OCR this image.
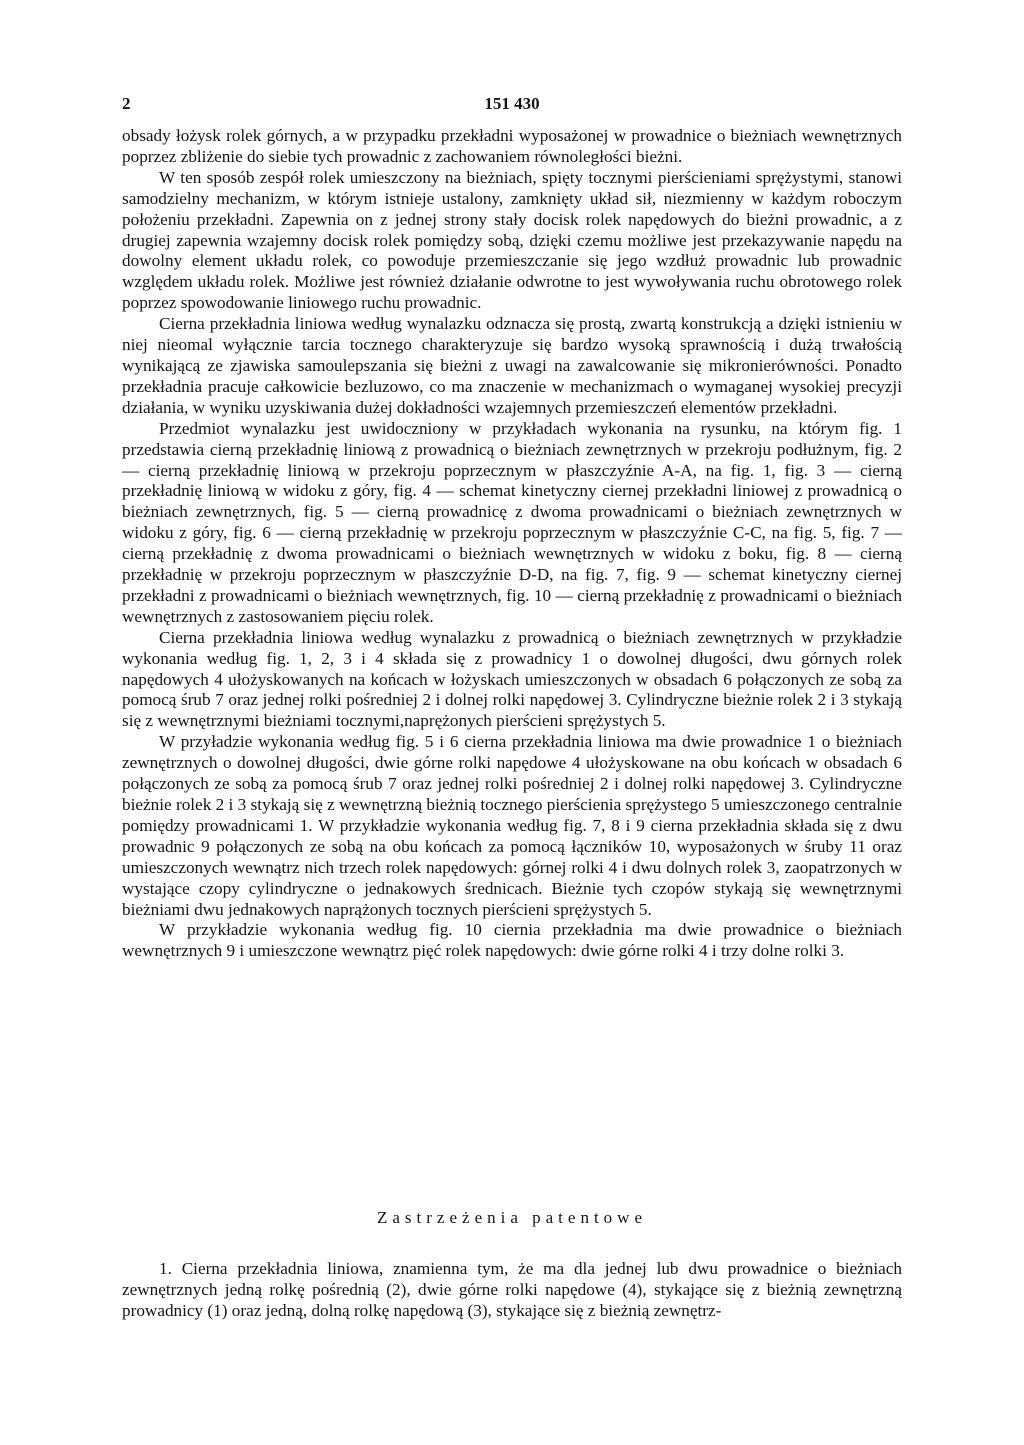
2	151 430

obsady łożysk rolek górnych, a w przypadku przekładni wyposażonej w prowadnice o bieżniach wewnętrznych poprzez zbliżenie do siebie tych prowadnic z zachowaniem równoległości bieżni.

W ten sposób zespół rolek umieszczony na bieżniach, spięty tocznymi pierścieniami sprężystymi, stanowi samodzielny mechanizm, w którym istnieje ustalony, zamknięty układ sił, niezmienny w każdym roboczym położeniu przekładni. Zapewnia on z jednej strony stały docisk rolek napędowych do bieżni prowadnic, a z drugiej zapewnia wzajemny docisk rolek pomiędzy sobą, dzięki czemu możliwe jest przekazywanie napędu na dowolny element układu rolek, co powoduje przemieszczanie się jego wzdłuż prowadnic lub prowadnic względem układu rolek. Możliwe jest również działanie odwrotne to jest wywoływania ruchu obrotowego rolek poprzez spowodowanie liniowego ruchu prowadnic.

Cierna przekładnia liniowa według wynalazku odznacza się prostą, zwartą konstrukcją a dzięki istnieniu w niej nieomal wyłącznie tarcia tocznego charakteryzuje się bardzo wysoką sprawnością i dużą trwałością wynikającą ze zjawiska samoulepszania się bieżni z uwagi na zawalcowanie się mikronierówności. Ponadto przekładnia pracuje całkowicie bezluzowo, co ma znaczenie w mechanizmach o wymaganej wysokiej precyzji działania, w wyniku uzyskiwania dużej dokładności wzajemnych przemieszczeń elementów przekładni.

Przedmiot wynalazku jest uwidoczniony w przykładach wykonania na rysunku, na którym fig. 1 przedstawia cierną przekładnię liniową z prowadnicą o bieżniach zewnętrznych w przekroju podłużnym, fig. 2 — cierną przekładnię liniową w przekroju poprzecznym w płaszczyźnie A-A, na fig. 1, fig. 3 — cierną przekładnię liniową w widoku z góry, fig. 4 — schemat kinetyczny ciernej przekładni liniowej z prowadnicą o bieżniach zewnętrznych, fig. 5 — cierną prowadnicę z dwoma prowadnicami o bieżniach zewnętrznych w widoku z góry, fig. 6 — cierną przekładnię w przekroju poprzecznym w płaszczyźnie C-C, na fig. 5, fig. 7 — cierną przekładnię z dwoma prowadnicami o bieżniach wewnętrznych w widoku z boku, fig. 8 — cierną przekładnię w przekroju poprzecznym w płaszczyźnie D-D, na fig. 7, fig. 9 — schemat kinetyczny ciernej przekładni z prowadnicami o bieżniach wewnętrznych, fig. 10 — cierną przekładnię z prowadnicami o bieżniach wewnętrznych z zastosowaniem pięciu rolek.

Cierna przekładnia liniowa według wynalazku z prowadnicą o bieżniach zewnętrznych w przykładzie wykonania według fig. 1, 2, 3 i 4 składa się z prowadnicy 1 o dowolnej długości, dwu górnych rolek napędowych 4 ułożyskowanych na końcach w łożyskach umieszczonych w obsadach 6 połączonych ze sobą za pomocą śrub 7 oraz jednej rolki pośredniej 2 i dolnej rolki napędowej 3. Cylindryczne bieżnie rolek 2 i 3 stykają się z wewnętrznymi bieżniami tocznymi,naprężonych pierścieni sprężystych 5.

W przyładzie wykonania według fig. 5 i 6 cierna przekładnia liniowa ma dwie prowadnice 1 o bieżniach zewnętrznych o dowolnej długości, dwie górne rolki napędowe 4 ułożyskowane na obu końcach w obsadach 6 połączonych ze sobą za pomocą śrub 7 oraz jednej rolki pośredniej 2 i dolnej rolki napędowej 3. Cylindryczne bieżnie rolek 2 i 3 stykają się z wewnętrzną bieżnią tocznego pierścienia sprężystego 5 umieszczonego centralnie pomiędzy prowadnicami 1. W przykładzie wykonania według fig. 7, 8 i 9 cierna przekładnia składa się z dwu prowadnic 9 połączonych ze sobą na obu końcach za pomocą łączników 10, wyposażonych w śruby 11 oraz umieszczonych wewnątrz nich trzech rolek napędowych: górnej rolki 4 i dwu dolnych rolek 3, zaopatrzonych w wystające czopy cylindryczne o jednakowych średnicach. Bieżnie tych czopów stykają się wewnętrznymi bieżniami dwu jednakowych naprążonych tocznych pierścieni sprężystych 5.

W przykładzie wykonania według fig. 10 ciernia przekładnia ma dwie prowadnice o bieżniach wewnętrznych 9 i umieszczone wewnątrz pięć rolek napędowych: dwie górne rolki 4 i trzy dolne rolki 3.

Zastrzeżenia patentowe

1. Cierna przekładnia liniowa, znamienna tym, że ma dla jednej lub dwu prowadnice o bieżniach zewnętrznych jedną rolkę pośrednią (2), dwie górne rolki napędowe (4), stykające się z bieżnią zewnętrzną prowadnicy (1) oraz jedną, dolną rolkę napędową (3), stykające się z bieżnią zewnętrz-
